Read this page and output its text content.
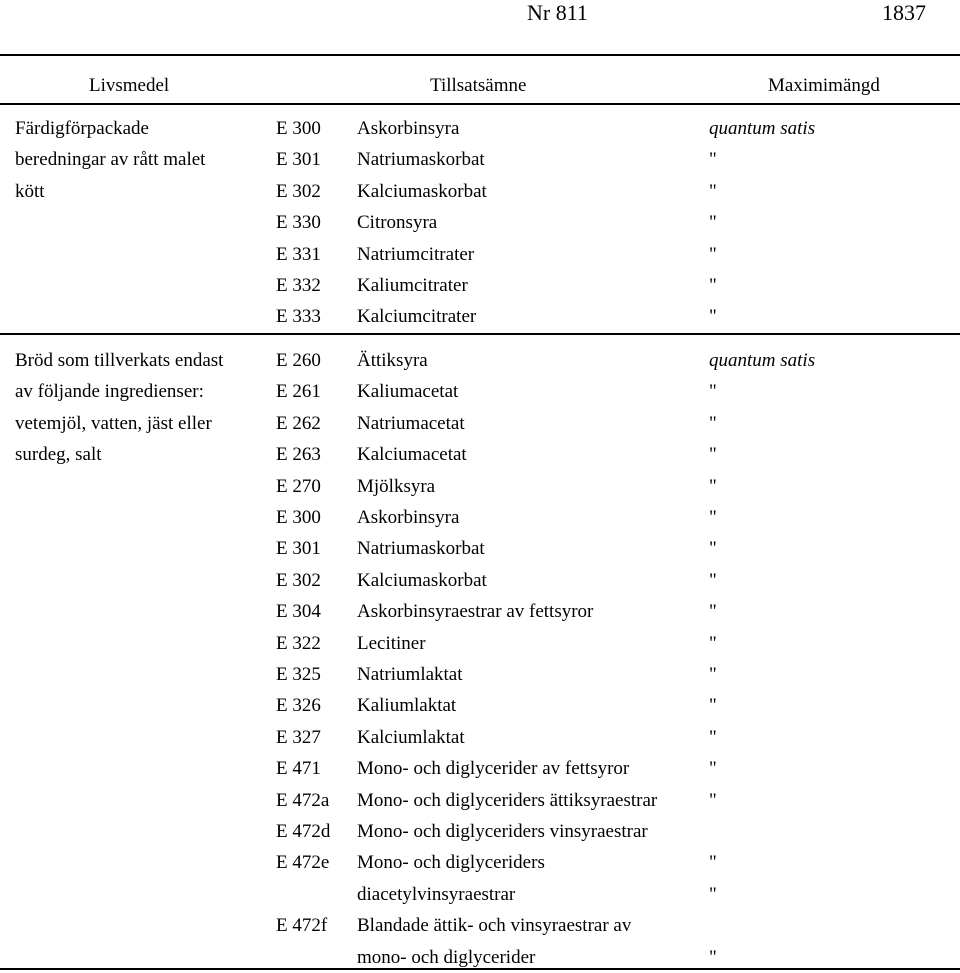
Nr 811	1837
Livsmedel	Tillsatsämne	Maximimängd
Färdigförpackade
beredningar av rått malet
kött
E 300 Askorbinsyra	quantum satis
E 301 Natriumaskorbat	"
E 302 Kalciumaskorbat	"
E 330 Citronsyra	"
E 331 Natriumcitrater	"
E 332 Kaliumcitrater	"
E 333 Kalciumcitrater	"
Bröd som tillverkats endast
av följande ingredienser:
vetemjöl, vatten, jäst eller
surdeg, salt
E 260 Ättiksyra	quantum satis
E 261 Kaliumacetat	"
E 262 Natriumacetat	"
E 263 Kalciumacetat	"
E 270 Mjölksyra	"
E 300 Askorbinsyra	"
E 301 Natriumaskorbat	"
E 302 Kalciumaskorbat	"
E 304 Askorbinsyraestrar av fettsyror	"
E 322 Lecitiner	"
E 325 Natriumlaktat	"
E 326 Kaliumlaktat	"
E 327 Kalciumlaktat	"
E 471 Mono- och diglycerider av fettsyror	"
E 472a Mono- och diglyceriders ättiksyraestrar	"
E 472d Mono- och diglyceriders vinsyraestrar
E 472e Mono- och diglyceriders	"
diacetylvinsyraestrar	"
E 472f Blandade ättik- och vinsyraestrar av
mono- och diglycerider	"
